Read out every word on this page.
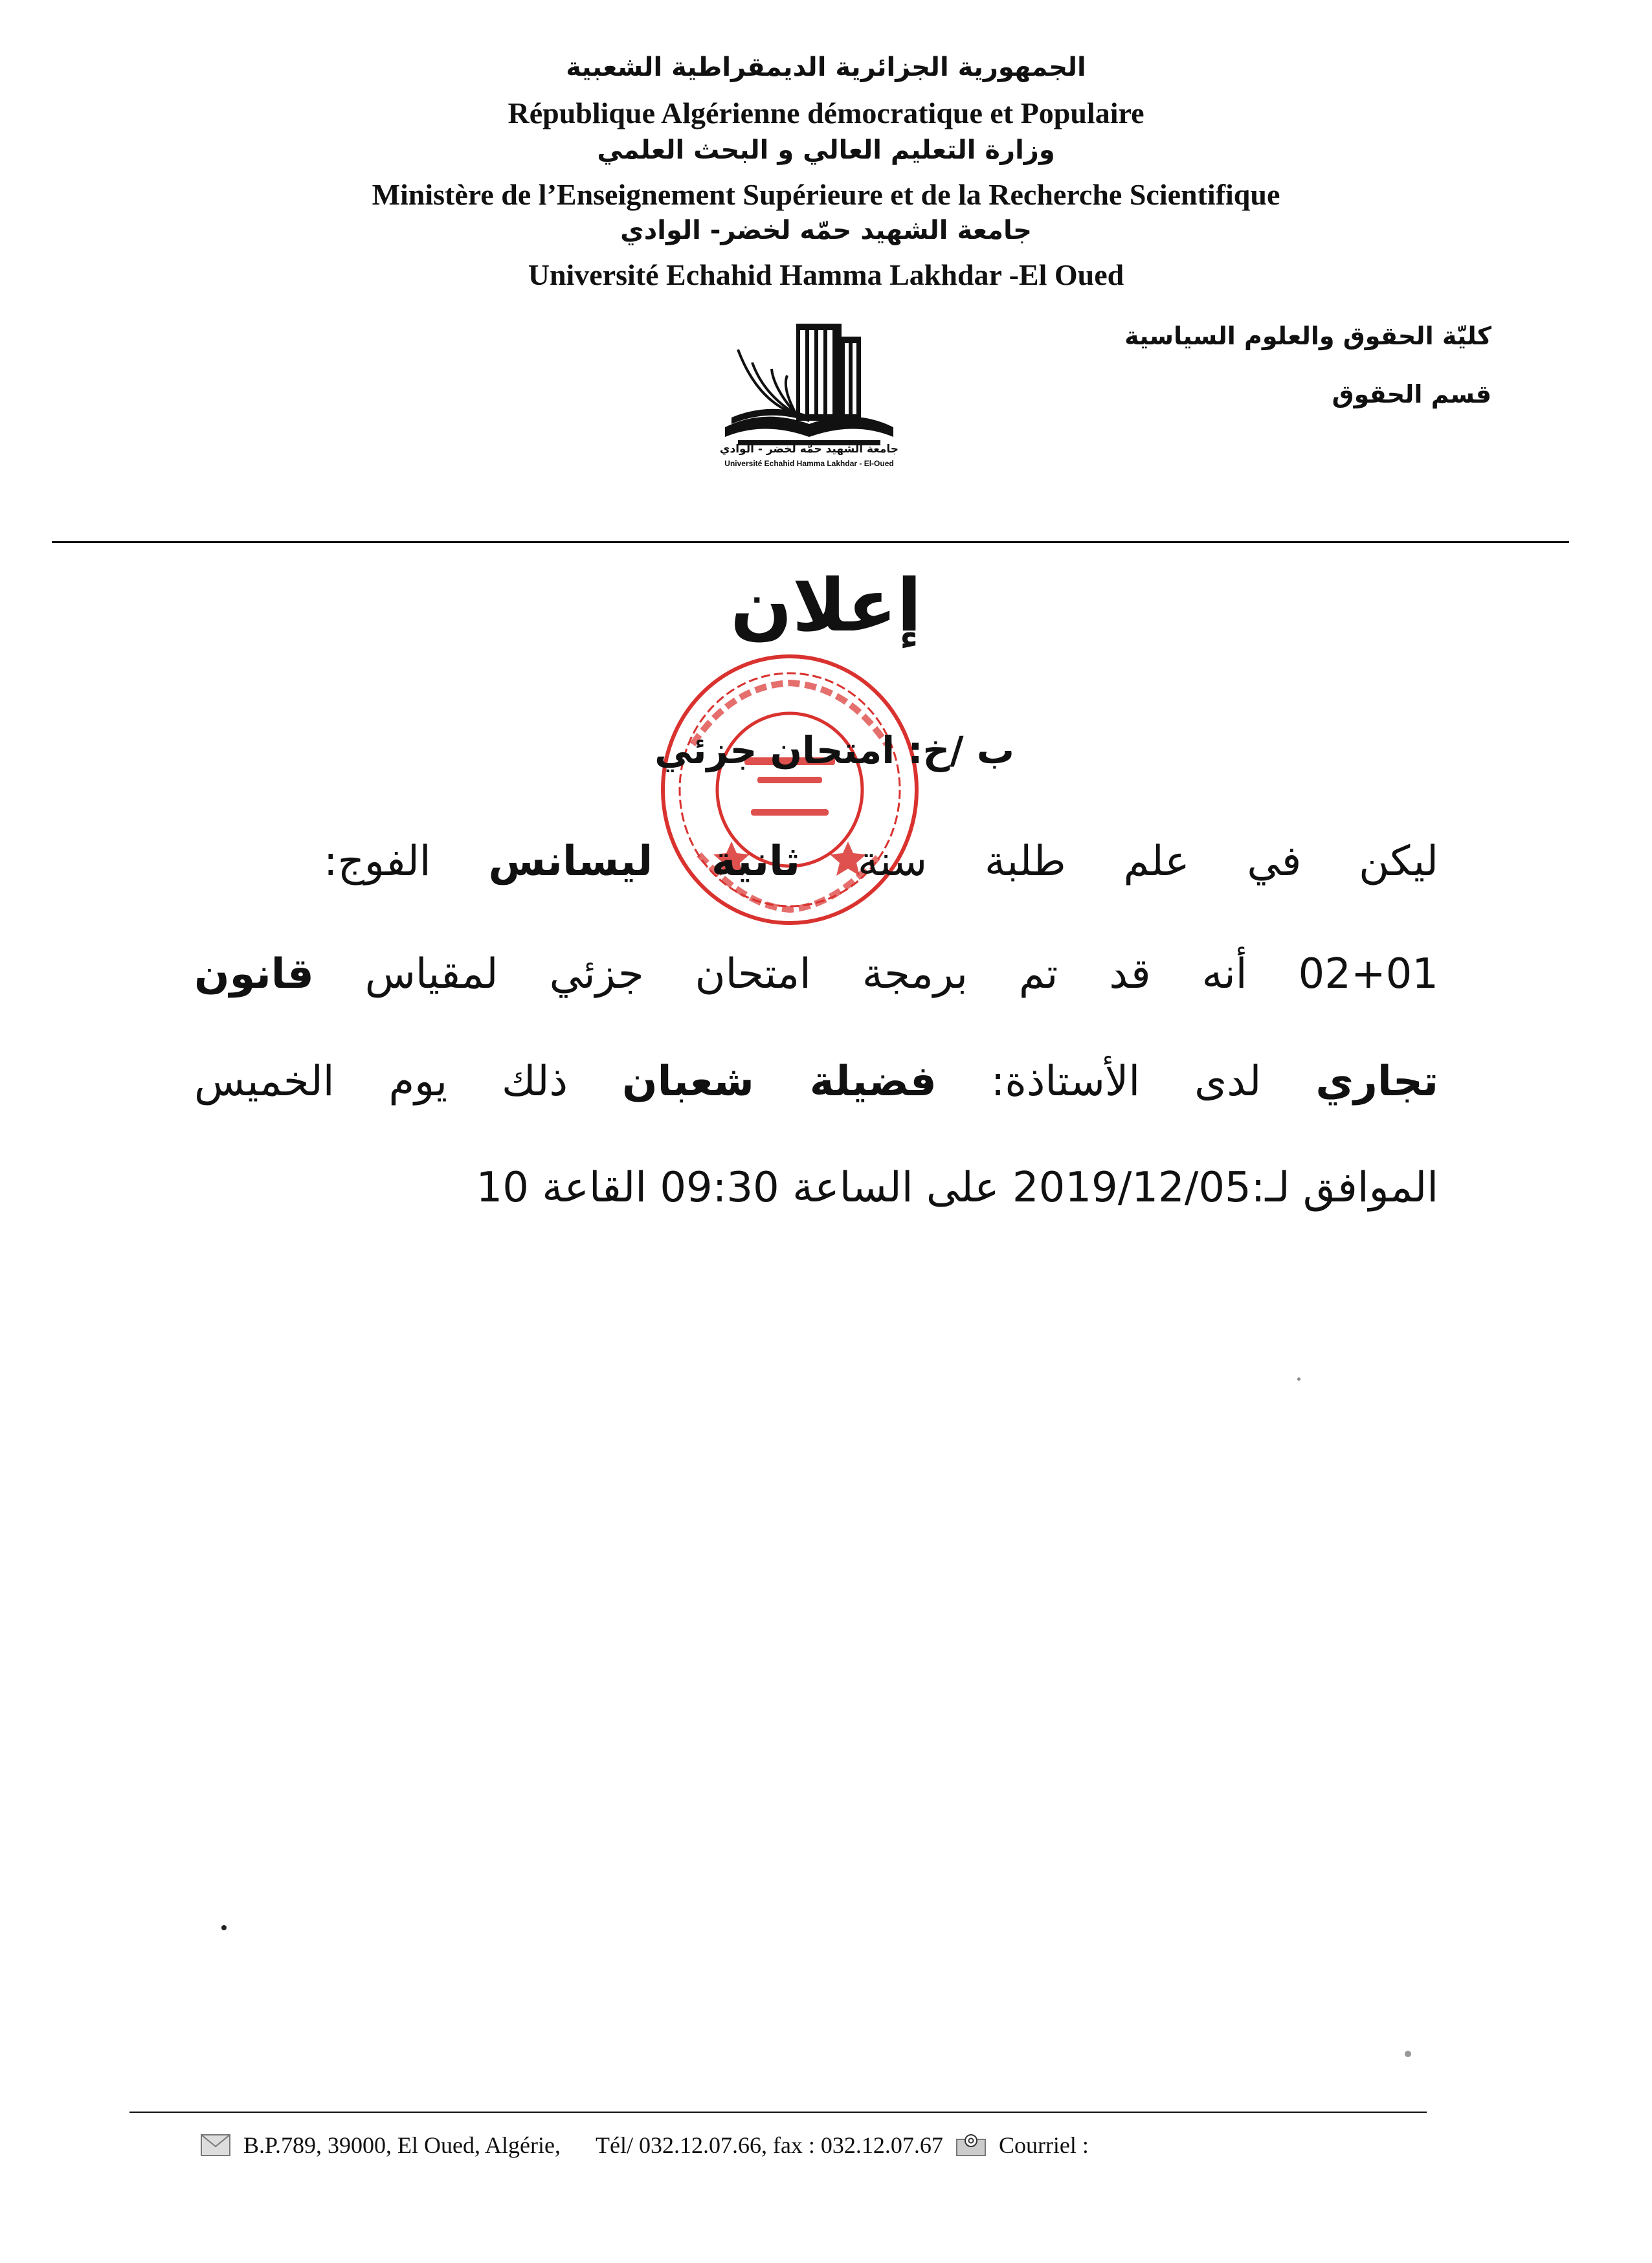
الجمهورية الجزائرية الديمقراطية الشعبية
République Algérienne démocratique et Populaire
وزارة التعليم العالي و البحث العلمي
Ministère de l’Enseignement Supérieure et de la Recherche Scientifique
جامعة الشهيد حمّه لخضر- الوادي
Université Echahid Hamma Lakhdar -El Oued
كليّة الحقوق والعلوم السياسية
قسم الحقوق
جامعة الشهيد حمّه لخضر - الوادي
Université Echahid Hamma Lakhdar - El-Oued
إعلان
ب /خ: امتحان جزئي
ليكن في علم طلبة سنة ثانية ليسانس الفوج:
02+01 أنه قد تم برمجة امتحان جزئي لمقياس قانون
تجاري لدى الأستاذة: فضيلة شعبان ذلك يوم الخميس
الموافق لـ:2019/12/05 على الساعة 09:30 القاعة 10
B.P.789, 39000, El Oued, Algérie, Tél/ 032.12.07.66, fax : 032.12.07.67 Courriel :
